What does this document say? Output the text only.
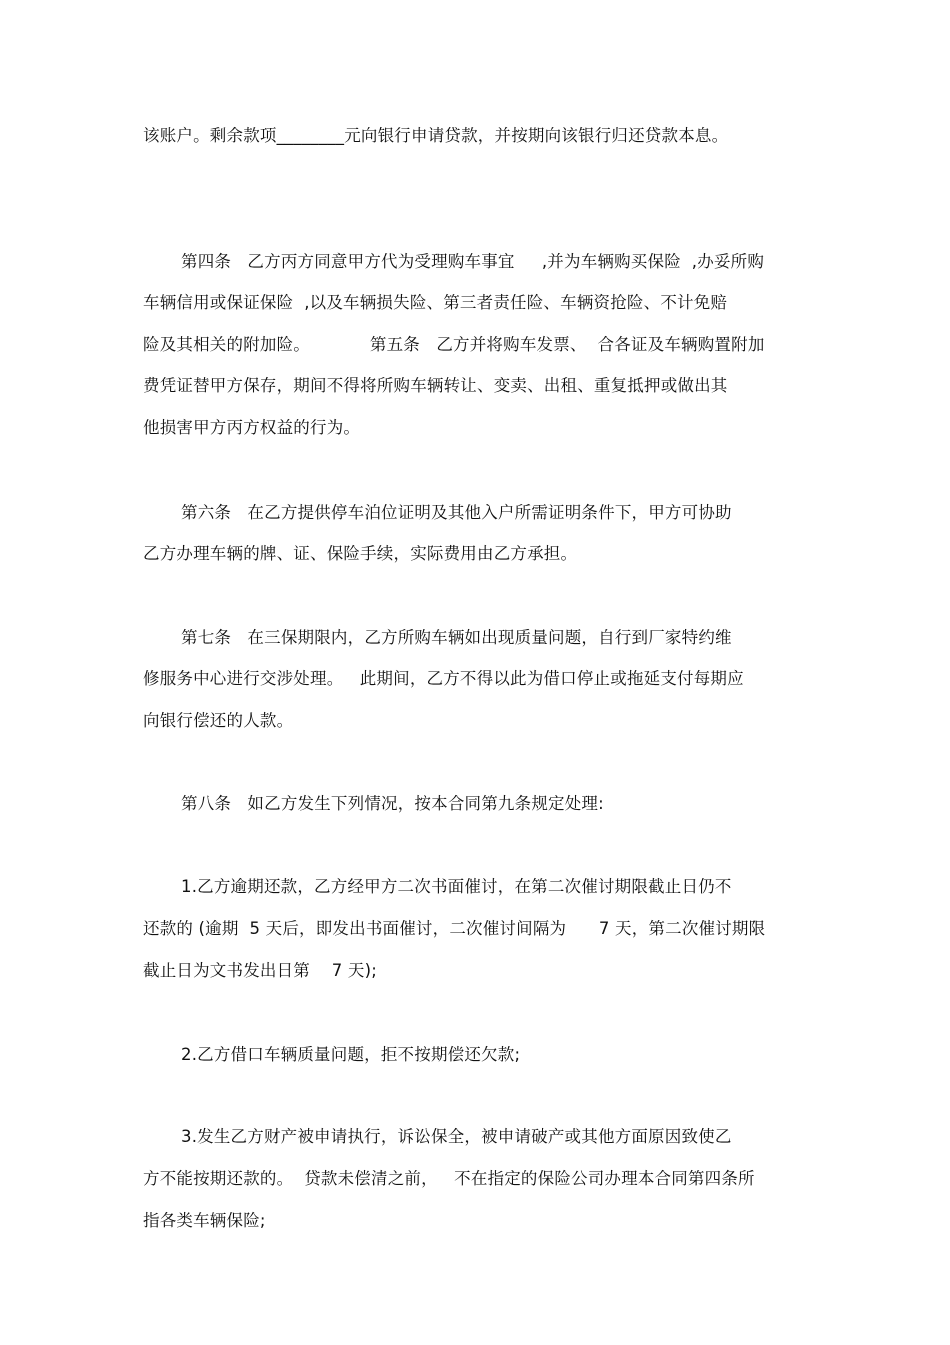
该账户。剩余款项________元向银行申请贷款，并按期向该银行归还贷款本息。
第四条   乙方丙方同意甲方代为受理购车事宜     ,并为车辆购买保险  ,办妥所购
车辆信用或保证保险  ,以及车辆损失险、第三者责任险、车辆资抢险、不计免赔
险及其相关的附加险。           第五条   乙方并将购车发票、  合各证及车辆购置附加
费凭证替甲方保存，期间不得将所购车辆转让、变卖、出租、重复抵押或做出其
他损害甲方丙方权益的行为。
第六条   在乙方提供停车泊位证明及其他入户所需证明条件下，甲方可协助
乙方办理车辆的牌、证、保险手续，实际费用由乙方承担。
第七条   在三保期限内，乙方所购车辆如出现质量问题，自行到厂家特约维
修服务中心进行交涉处理。   此期间，乙方不得以此为借口停止或拖延支付每期应
向银行偿还的人款。
第八条   如乙方发生下列情况，按本合同第九条规定处理:
1.乙方逾期还款，乙方经甲方二次书面催讨，在第二次催讨期限截止日仍不
还款的 (逾期  5 天后，即发出书面催讨，二次催讨间隔为      7 天，第二次催讨期限
截止日为文书发出日第    7 天);
2.乙方借口车辆质量问题，拒不按期偿还欠款;
3.发生乙方财产被申请执行，诉讼保全，被申请破产或其他方面原因致使乙
方不能按期还款的。  贷款未偿清之前，   不在指定的保险公司办理本合同第四条所
指各类车辆保险;
